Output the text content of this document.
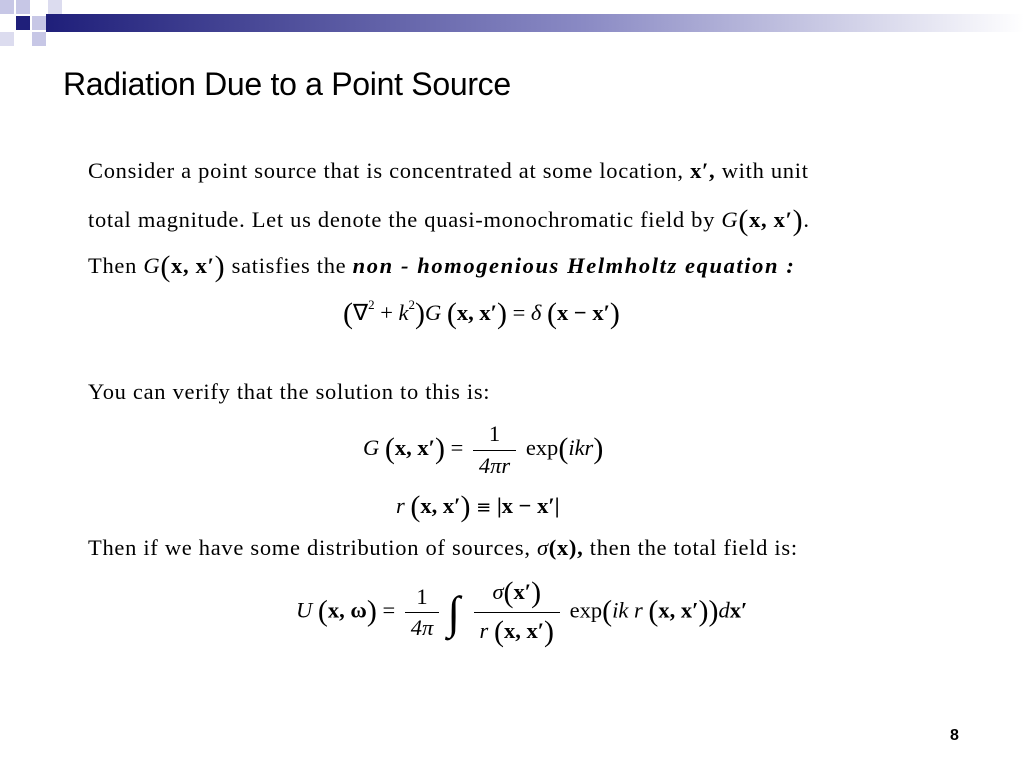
Radiation Due to a Point Source
Consider a point source that is concentrated at some location, x′, with unit
total magnitude. Let us denote the quasi-monochromatic field by G(x, x′).
Then G(x, x′) satisfies the non - homogenious Helmholtz equation :
$(\nabla^2 + k^2)G$ (x, x′) = δ (x − x′)
You can verify that the solution to this is:
G (x, $x') = \frac{1}{4\pi r} \exp(ikr)$
r (x, x′) ≡ |x − x′|
Then if we have some distribution of sources, σ(x), then the total field is:
U (x, $\omega) = \frac{1}{4\pi}$ ∫ $\frac{\sigma(x')}{r (x, x')} \exp(ik$ r (x, x′))dx′
8
